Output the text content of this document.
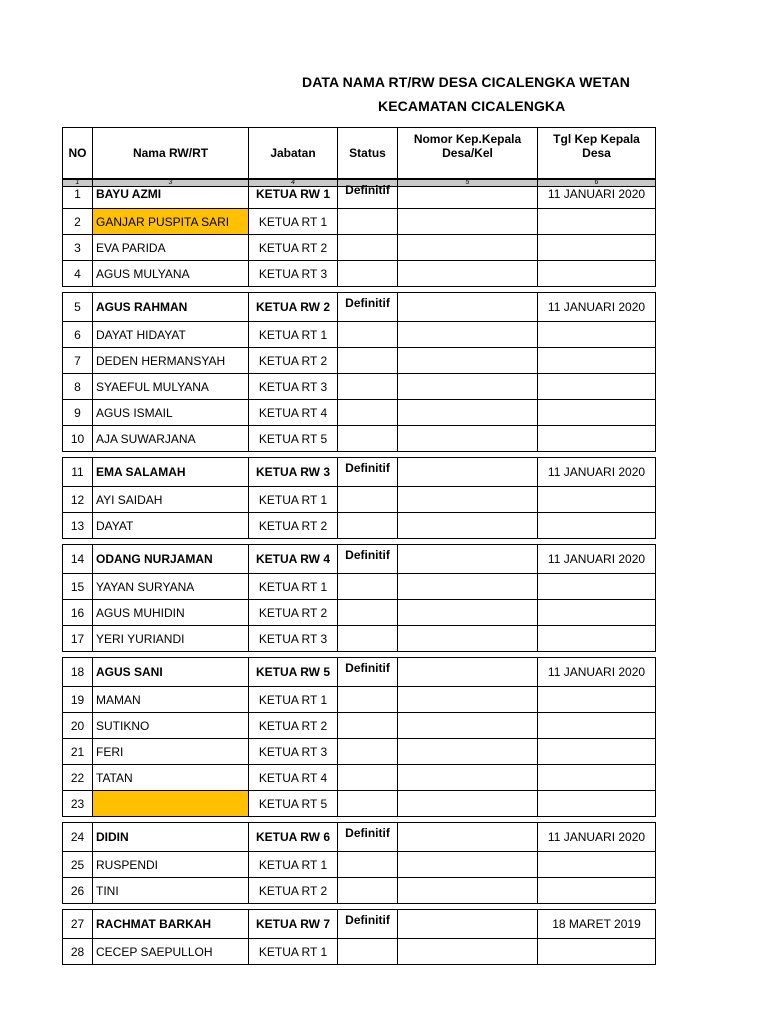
DATA NAMA RT/RW DESA CICALENGKA WETAN
KECAMATAN CICALENGKA
NO	Nama RW/RT	Jabatan	Status	Nomor Kep.Kepala Desa/Kel	Tgl Kep Kepala Desa
1	3	4		5	6
1	BAYU AZMI	KETUA RW 1	Definitif		11 JANUARI 2020
2	GANJAR PUSPITA SARI	KETUA RT 1			
3	EVA PARIDA	KETUA RT 2			
4	AGUS MULYANA	KETUA RT 3			
5	AGUS RAHMAN	KETUA RW 2	Definitif		11 JANUARI 2020
6	DAYAT HIDAYAT	KETUA RT 1			
7	DEDEN HERMANSYAH	KETUA RT 2			
8	SYAEFUL MULYANA	KETUA RT 3			
9	AGUS ISMAIL	KETUA RT 4			
10	AJA SUWARJANA	KETUA RT 5			
11	EMA SALAMAH	KETUA RW 3	Definitif		11 JANUARI 2020
12	AYI SAIDAH	KETUA RT 1			
13	DAYAT	KETUA RT 2			
14	ODANG NURJAMAN	KETUA RW 4	Definitif		11 JANUARI 2020
15	YAYAN SURYANA	KETUA RT 1			
16	AGUS MUHIDIN	KETUA RT 2			
17	YERI YURIANDI	KETUA RT 3			
18	AGUS SANI	KETUA RW 5	Definitif		11 JANUARI 2020
19	MAMAN	KETUA RT 1			
20	SUTIKNO	KETUA RT 2			
21	FERI	KETUA RT 3			
22	TATAN	KETUA RT 4			
23		KETUA RT 5			
24	DIDIN	KETUA RW 6	Definitif		11 JANUARI 2020
25	RUSPENDI	KETUA RT 1			
26	TINI	KETUA RT 2			
27	RACHMAT BARKAH	KETUA RW 7	Definitif		18 MARET 2019
28	CECEP SAEPULLOH	KETUA RT 1			
